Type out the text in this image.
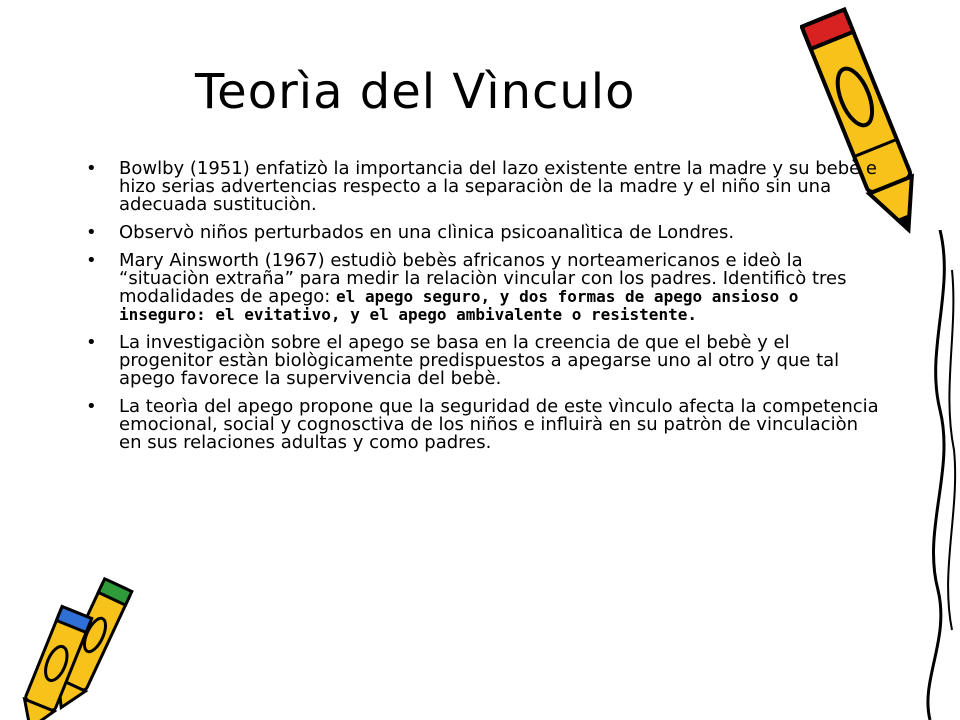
Teorìa del Vìnculo
• Bowlby (1951) enfatizò la importancia del lazo existente entre la madre y su bebè e hizo serias advertencias respecto a la separaciòn de la madre y el niño sin una adecuada sustituciòn.
• Observò niños perturbados en una clìnica psicoanalìtica de Londres.
• Mary Ainsworth (1967) estudiò bebès africanos y norteamericanos e ideò la “situaciòn extraña” para medir la relaciòn vincular con los padres. Identificò tres modalidades de apego: el apego seguro, y dos formas de apego ansioso o inseguro: el evitativo, y el apego ambivalente o resistente.
• La investigaciòn sobre el apego se basa en la creencia de que el bebè y el progenitor estàn biològicamente predispuestos a apegarse uno al otro y que tal apego favorece la supervivencia del bebè.
• La teorìa del apego propone que la seguridad de este vìnculo afecta la competencia emocional, social y cognosctiva de los niños e influirà en su patròn de vinculaciòn en sus relaciones adultas y como padres.
